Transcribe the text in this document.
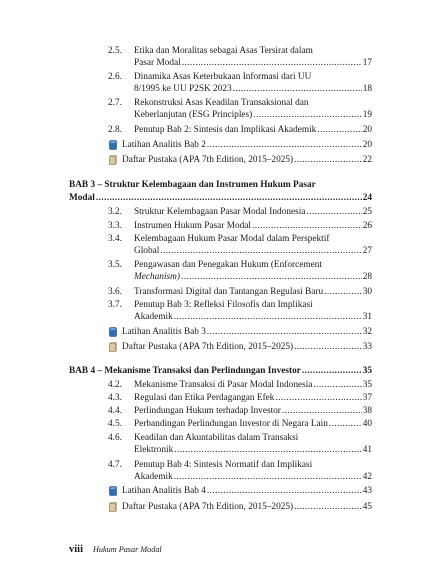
2.5.	Etika dan Moralitas sebagai Asas Tersirat dalam
Pasar Modal .....	17
2.6.	Dinamika Asas Keterbukaan Informasi dari UU
8/1995 ke UU P2SK 2023 .....	18
2.7.	Rekonstruksi Asas Keadilan Transaksional dan
Keberlanjutan (ESG Principles) .....	19
2.8.	Penutup Bab 2: Sintesis dan Implikasi Akademik .....	20
Latihan Analitis Bab 2 .....	20
Daftar Pustaka (APA 7th Edition, 2015–2025) .....	22
BAB 3 – Struktur Kelembagaan dan Instrumen Hukum Pasar
Modal .....	24
3.2.	Struktur Kelembagaan Pasar Modal Indonesia .....	25
3.3.	Instrumen Hukum Pasar Modal .....	26
3.4.	Kelembagaan Hukum Pasar Modal dalam Perspektif
Global .....	27
3.5.	Pengawasan dan Penegakan Hukum (Enforcement
Mechanism) .....	28
3.6.	Transformasi Digital dan Tantangan Regulasi Baru .....	30
3.7.	Penutup Bab 3: Refleksi Filosofis dan Implikasi
Akademik .....	31
Latihan Analitis Bab 3 .....	32
Daftar Pustaka (APA 7th Edition, 2015–2025) .....	33
BAB 4 – Mekanisme Transaksi dan Perlindungan Investor .....	35
4.2.	Mekanisme Transaksi di Pasar Modal Indonesia .....	35
4.3.	Regulasi dan Etika Perdagangan Efek .....	37
4.4.	Perlindungan Hukum terhadap Investor .....	38
4.5.	Perbandingan Perlindungan Investor di Negara Lain .....	40
4.6.	Keadilan dan Akuntabilitas dalam Transaksi
Elektronik .....	41
4.7.	Penutup Bab 4: Sintesis Normatif dan Implikasi
Akademik .....	42
Latihan Analitis Bab 4 .....	43
Daftar Pustaka (APA 7th Edition, 2015–2025) .....	45
viii Hukum Pasar Modal
